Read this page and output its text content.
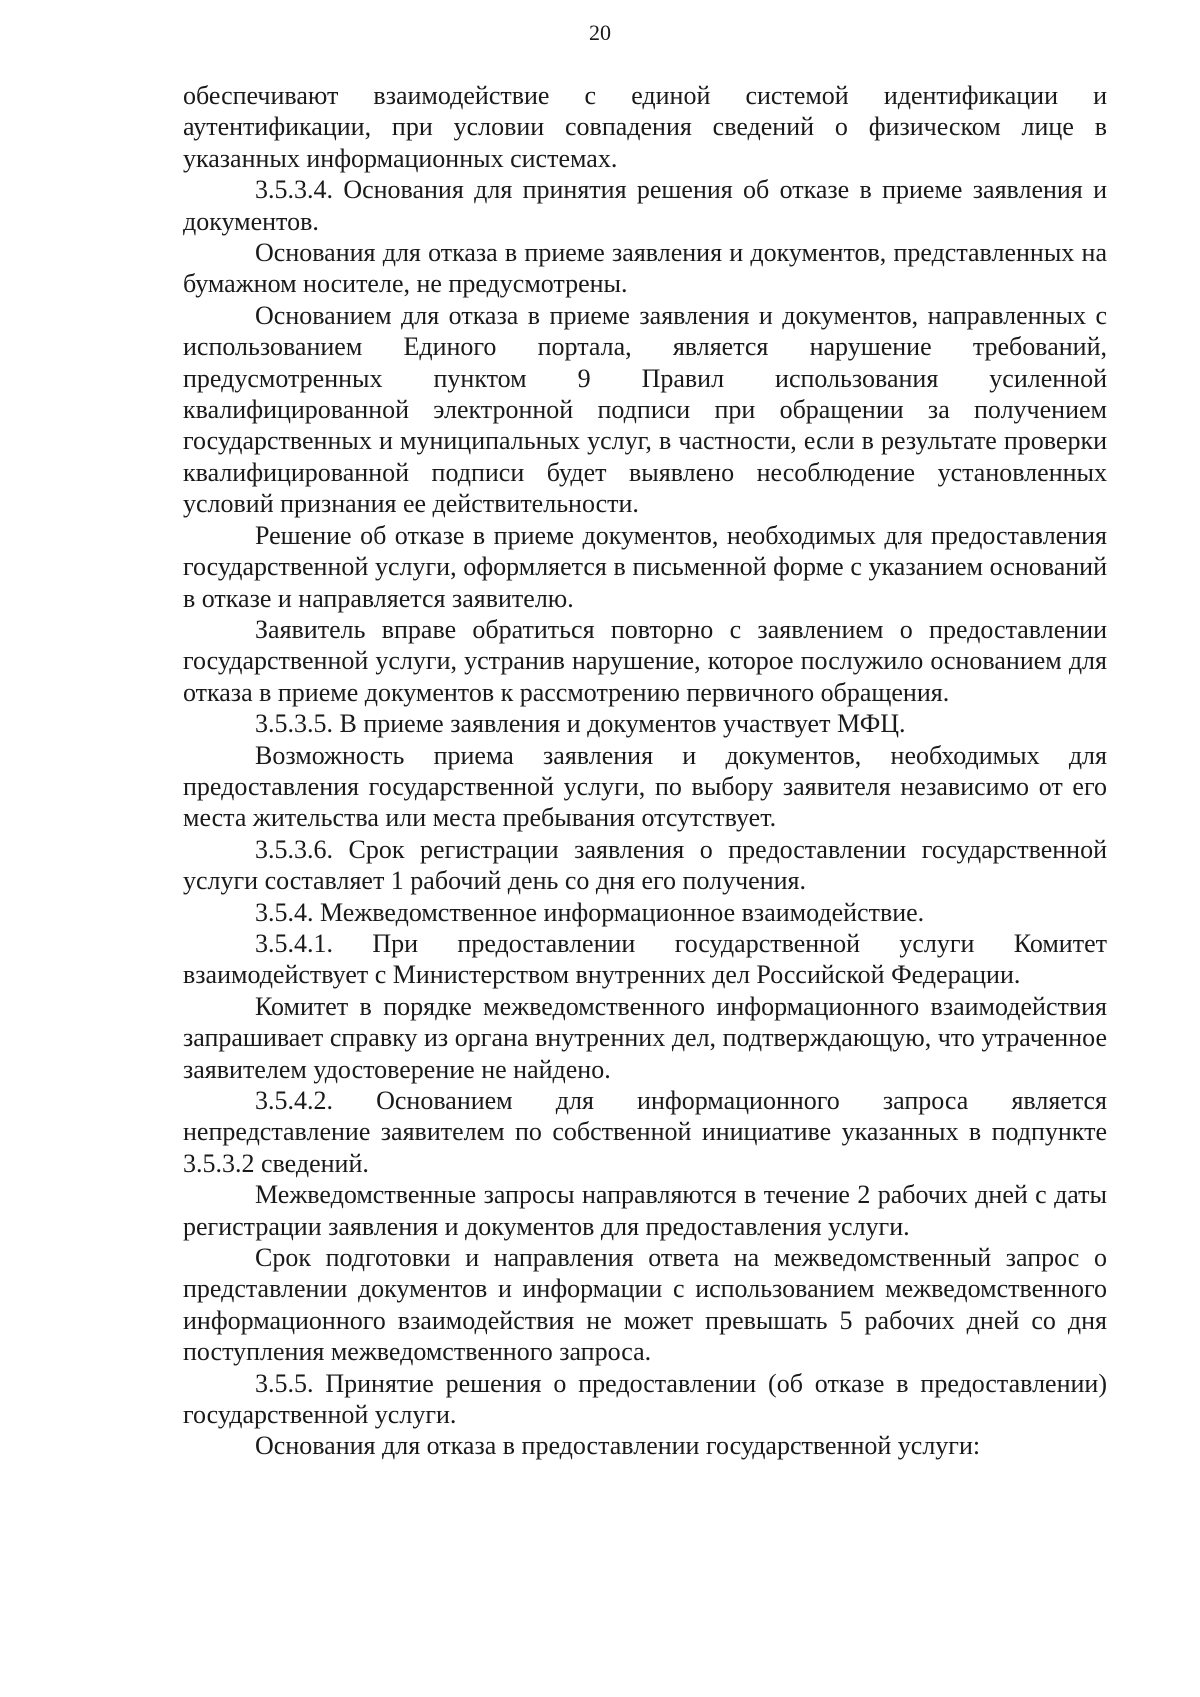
20

обеспечивают взаимодействие с единой системой идентификации и аутентификации, при условии совпадения сведений о физическом лице в указанных информационных системах.

3.5.3.4. Основания для принятия решения об отказе в приеме заявления и документов.

Основания для отказа в приеме заявления и документов, представленных на бумажном носителе, не предусмотрены.

Основанием для отказа в приеме заявления и документов, направленных с использованием Единого портала, является нарушение требований, предусмотренных пунктом 9 Правил использования усиленной квалифицированной электронной подписи при обращении за получением государственных и муниципальных услуг, в частности, если в результате проверки квалифицированной подписи будет выявлено несоблюдение установленных условий признания ее действительности.

Решение об отказе в приеме документов, необходимых для предоставления государственной услуги, оформляется в письменной форме с указанием оснований в отказе и направляется заявителю.

Заявитель вправе обратиться повторно с заявлением о предоставлении государственной услуги, устранив нарушение, которое послужило основанием для отказа в приеме документов к рассмотрению первичного обращения.

3.5.3.5. В приеме заявления и документов участвует МФЦ.

Возможность приема заявления и документов, необходимых для предоставления государственной услуги, по выбору заявителя независимо от его места жительства или места пребывания отсутствует.

3.5.3.6. Срок регистрации заявления о предоставлении государственной услуги составляет 1 рабочий день со дня его получения.

3.5.4. Межведомственное информационное взаимодействие.

3.5.4.1. При предоставлении государственной услуги Комитет взаимодействует с Министерством внутренних дел Российской Федерации.

Комитет в порядке межведомственного информационного взаимодействия запрашивает справку из органа внутренних дел, подтверждающую, что утраченное заявителем удостоверение не найдено.

3.5.4.2. Основанием для информационного запроса является непредставление заявителем по собственной инициативе указанных в подпункте 3.5.3.2 сведений.

Межведомственные запросы направляются в течение 2 рабочих дней с даты регистрации заявления и документов для предоставления услуги.

Срок подготовки и направления ответа на межведомственный запрос о представлении документов и информации с использованием межведомственного информационного взаимодействия не может превышать 5 рабочих дней со дня поступления межведомственного запроса.

3.5.5. Принятие решения о предоставлении (об отказе в предоставлении) государственной услуги.

Основания для отказа в предоставлении государственной услуги:
